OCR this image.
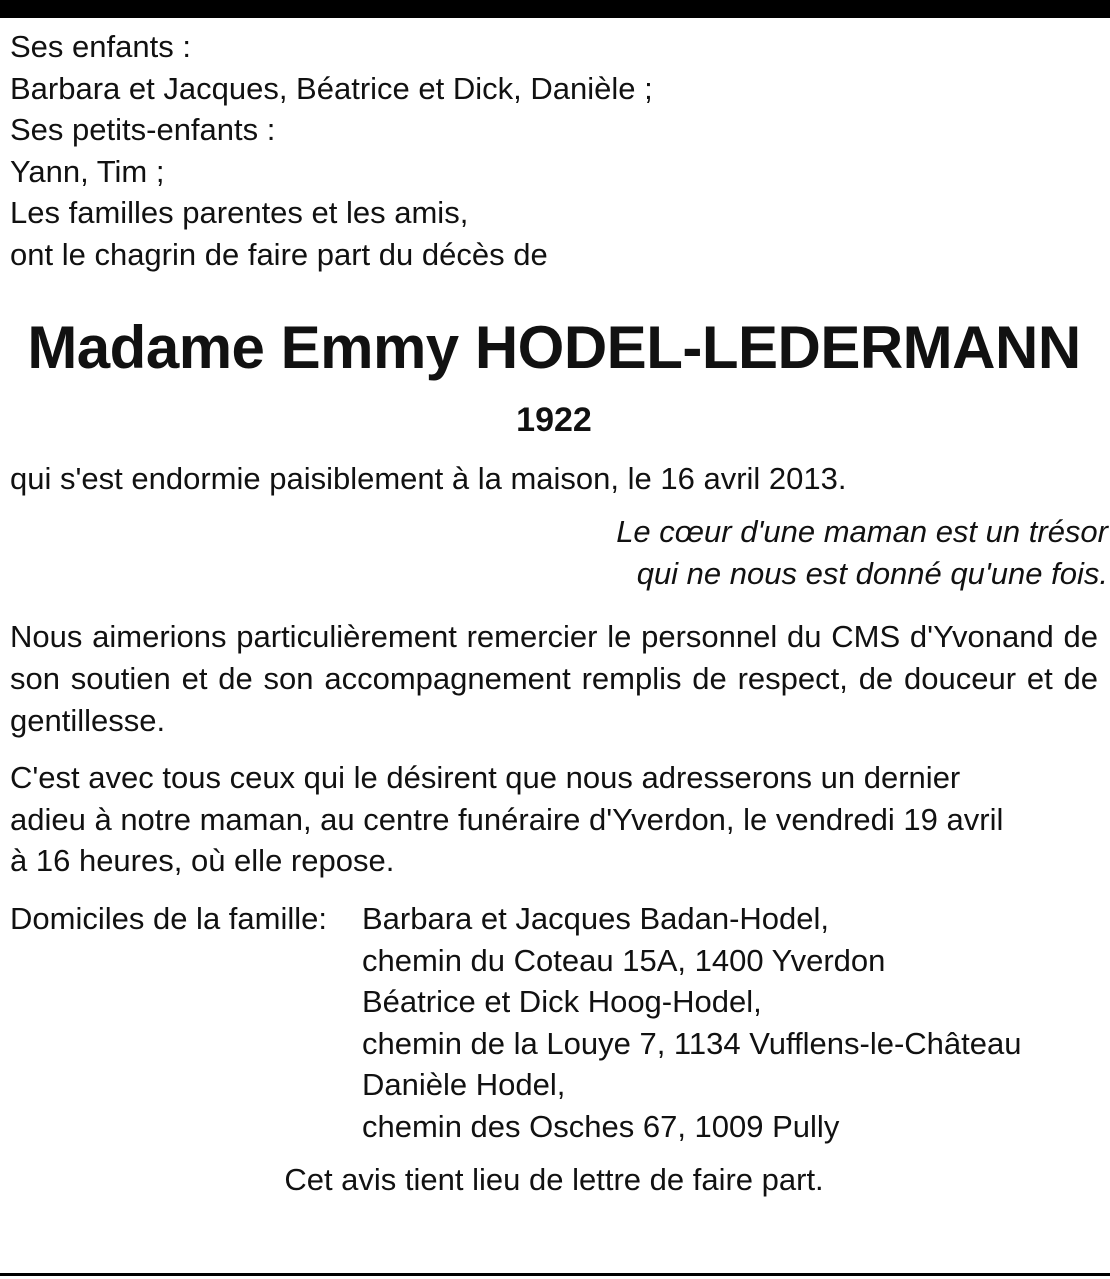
Ses enfants :
Barbara et Jacques, Béatrice et Dick, Danièle ;
Ses petits-enfants :
Yann, Tim ;
Les familles parentes et les amis,
ont le chagrin de faire part du décès de
Madame Emmy HODEL-LEDERMANN
1922
qui s'est endormie paisiblement à la maison, le 16 avril 2013.
Le cœur d'une maman est un trésor
qui ne nous est donné qu'une fois.
Nous aimerions particulièrement remercier le personnel du CMS d'Yvonand de son soutien et de son accompagnement remplis de respect, de douceur et de gentillesse.
C'est avec tous ceux qui le désirent que nous adresserons un dernier
adieu à notre maman, au centre funéraire d'Yverdon, le vendredi 19 avril
à 16 heures, où elle repose.
Domiciles de la famille:	Barbara et Jacques Badan-Hodel,
chemin du Coteau 15A, 1400 Yverdon
Béatrice et Dick Hoog-Hodel,
chemin de la Louye 7, 1134 Vufflens-le-Château
Danièle Hodel,
chemin des Osches 67, 1009 Pully
Cet avis tient lieu de lettre de faire part.
